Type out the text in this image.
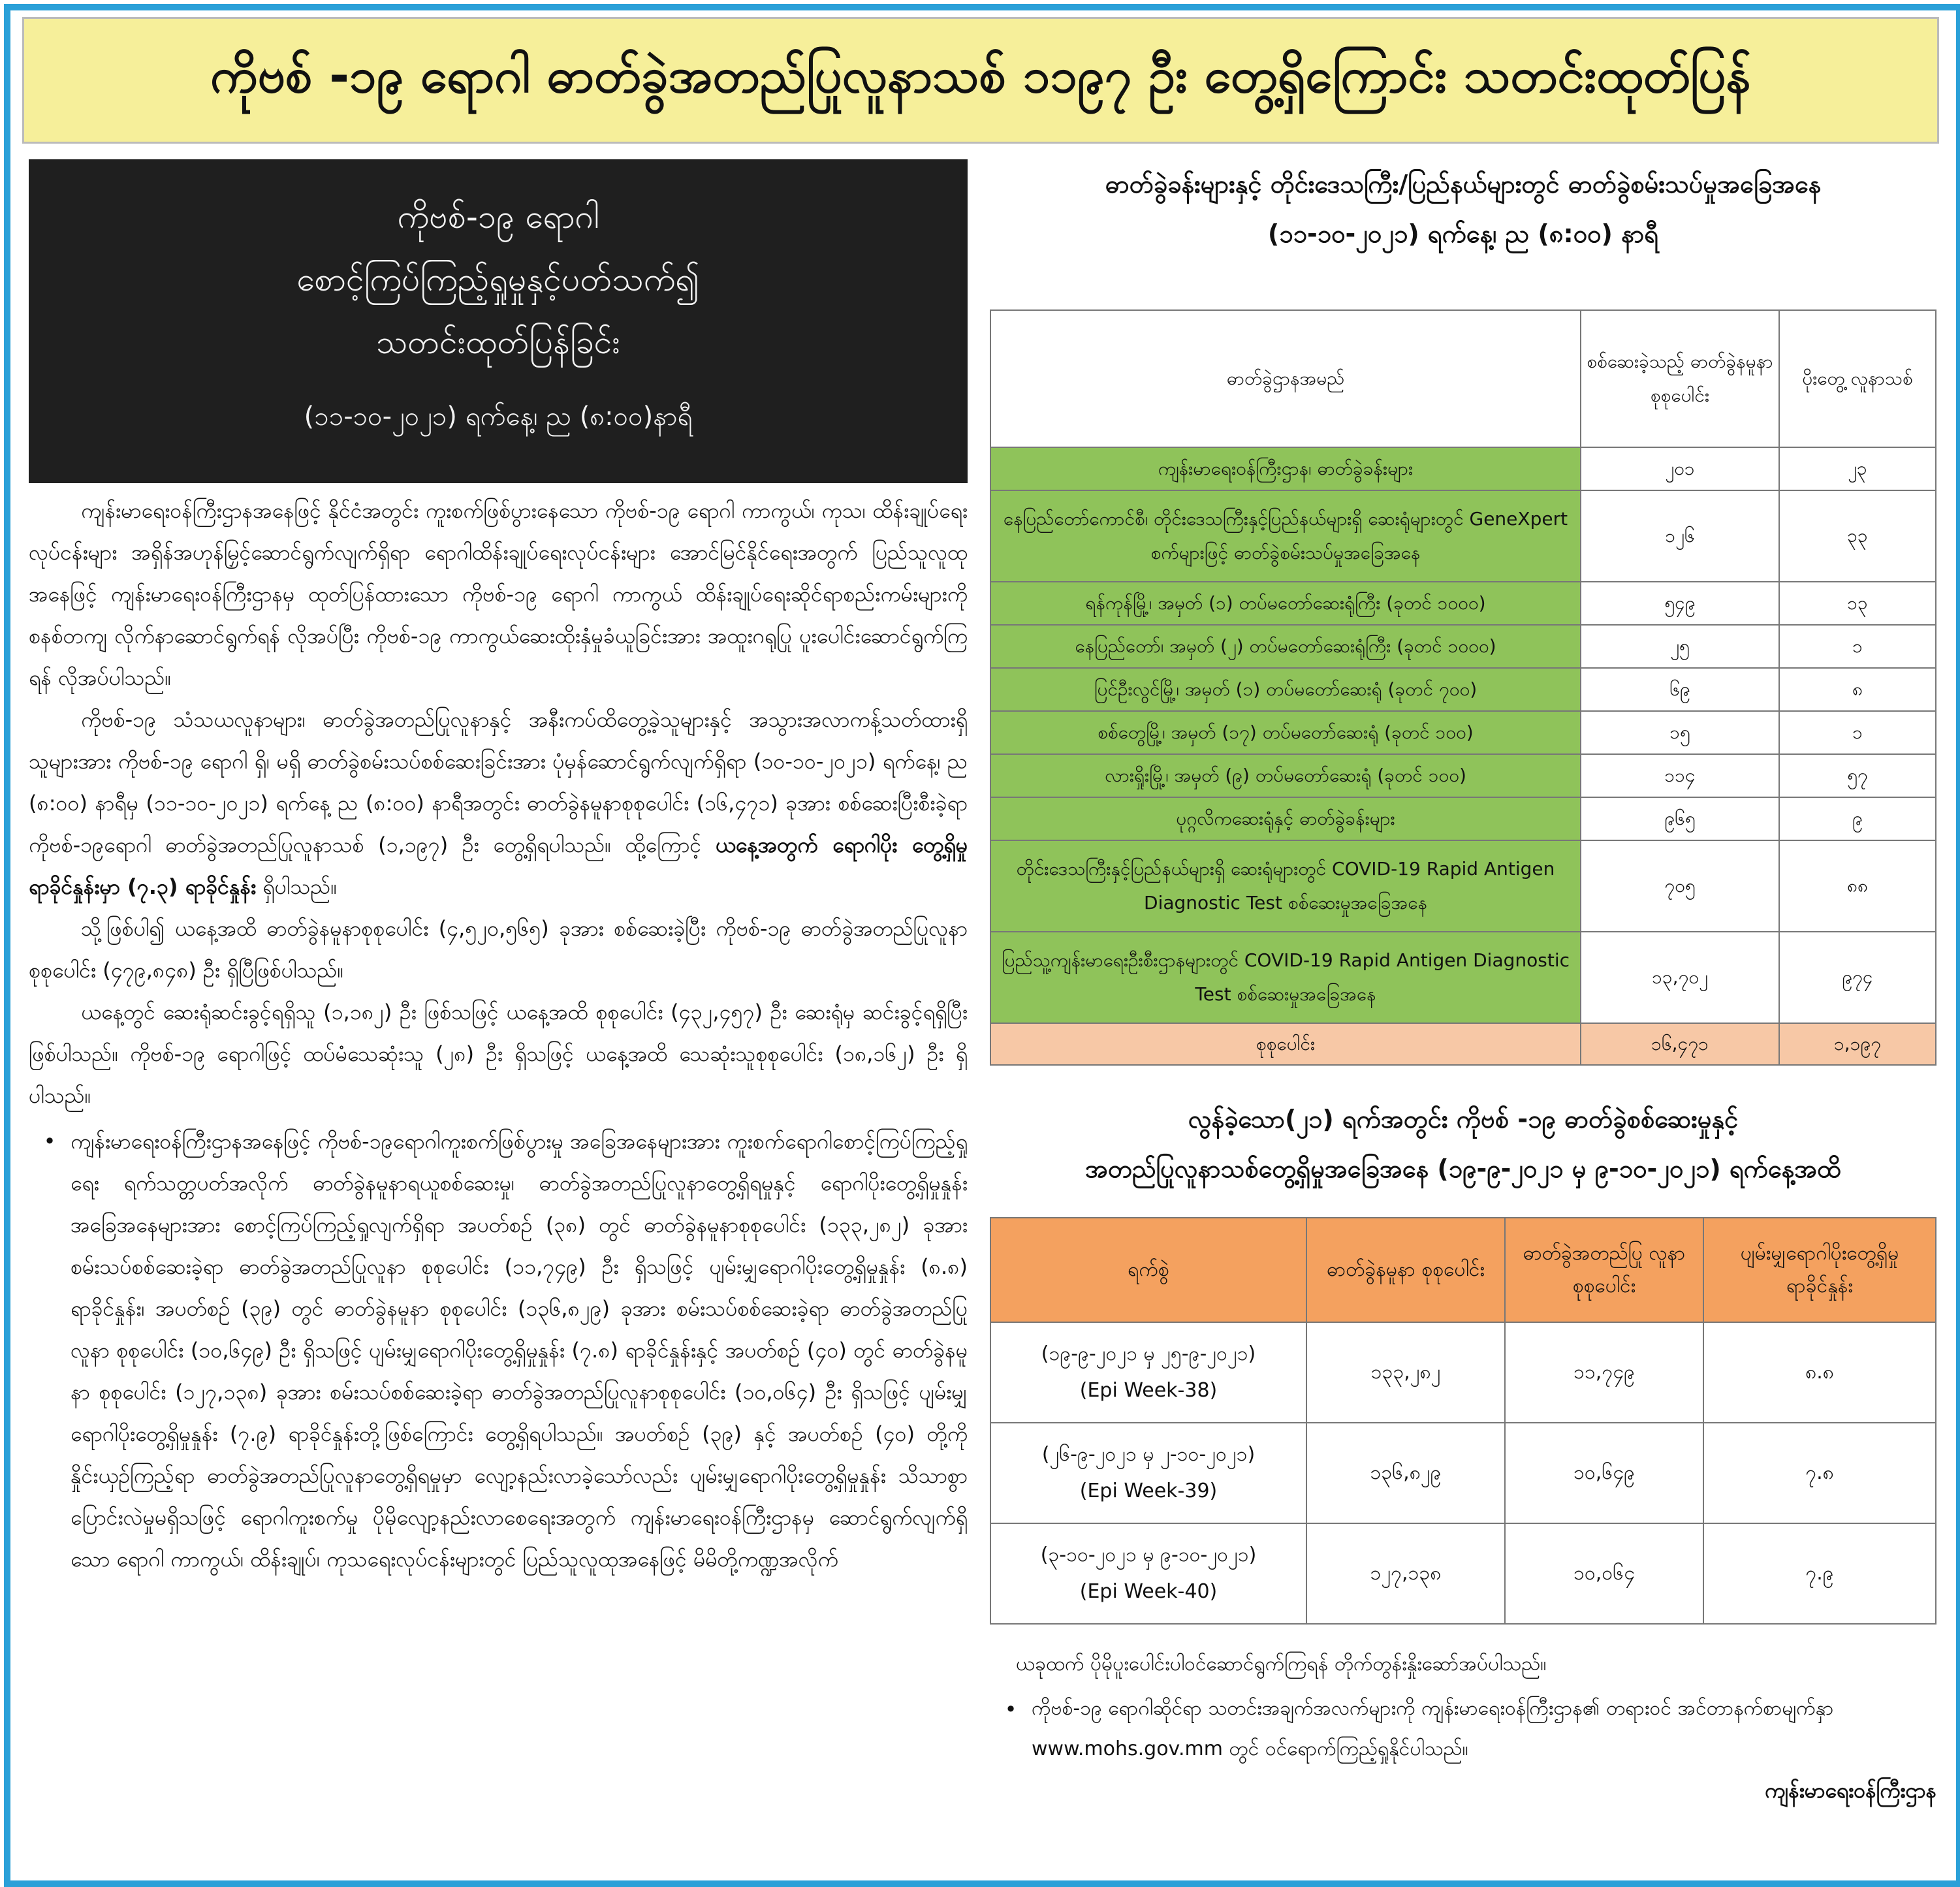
ကိုဗစ် -၁၉ ရောဂါ ဓာတ်ခွဲအတည်ပြုလူနာသစ် ၁၁၉၇ ဦး တွေ့ရှိကြောင်း သတင်းထုတ်ပြန်
ကိုဗစ်-၁၉ ရောဂါ
စောင့်ကြပ်ကြည့်ရှုမှုနှင့်ပတ်သက်၍
သတင်းထုတ်ပြန်ခြင်း
(၁၁-၁၀-၂၀၂၁) ရက်နေ့၊ ည (၈:၀၀)နာရီ

ကျန်းမာရေးဝန်ကြီးဌာနအနေဖြင့် နိုင်ငံအတွင်း ကူးစက်ဖြစ်ပွားနေသော ကိုဗစ်-၁၉ ရောဂါ ကာကွယ်၊ ကုသ၊ ထိန်းချုပ်ရေးလုပ်ငန်းများ အရှိန်အဟုန်မြှင့်ဆောင်ရွက်လျက်ရှိရာ ရောဂါထိန်းချုပ်ရေးလုပ်ငန်းများ အောင်မြင်နိုင်ရေးအတွက် ပြည်သူလူထုအနေဖြင့် ကျန်းမာရေးဝန်ကြီးဌာနမှ ထုတ်ပြန်ထားသော ကိုဗစ်-၁၉ ရောဂါ ကာကွယ် ထိန်းချုပ်ရေးဆိုင်ရာစည်းကမ်းများကို စနစ်တကျ လိုက်နာဆောင်ရွက်ရန် လိုအပ်ပြီး ကိုဗစ်-၁၉ ကာကွယ်ဆေးထိုးနှံမှုခံယူခြင်းအား အထူးဂရုပြု ပူးပေါင်းဆောင်ရွက်ကြရန် လိုအပ်ပါသည်။

ကိုဗစ်-၁၉ သံသယလူနာများ၊ ဓာတ်ခွဲအတည်ပြုလူနာနှင့် အနီးကပ်ထိတွေ့ခဲ့သူများနှင့် အသွားအလာကန့်သတ်ထားရှိသူများအား ကိုဗစ်-၁၉ ရောဂါ ရှိ၊ မရှိ ဓာတ်ခွဲစမ်းသပ်စစ်ဆေးခြင်းအား ပုံမှန်ဆောင်ရွက်လျက်ရှိရာ (၁၀-၁၀-၂၀၂၁) ရက်နေ့၊ ည (၈:၀၀) နာရီမှ (၁၁-၁၀-၂၀၂၁) ရက်နေ့ ည (၈:၀၀) နာရီအတွင်း ဓာတ်ခွဲနမူနာစုစုပေါင်း (၁၆,၄၇၁) ခုအား စစ်ဆေးပြီးစီးခဲ့ရာ ကိုဗစ်-၁၉ရောဂါ ဓာတ်ခွဲအတည်ပြုလူနာသစ် (၁,၁၉၇) ဦး တွေ့ရှိရပါသည်။ ထို့ကြောင့် ယနေ့အတွက် ရောဂါပိုး တွေ့ရှိမှုရာခိုင်နှုန်းမှာ (၇.၃) ရာခိုင်နှုန်း ရှိပါသည်။

သို့ဖြစ်ပါ၍ ယနေ့အထိ ဓာတ်ခွဲနမူနာစုစုပေါင်း (၄,၅၂၀,၅၆၅) ခုအား စစ်ဆေးခဲ့ပြီး ကိုဗစ်-၁၉ ဓာတ်ခွဲအတည်ပြုလူနာ စုစုပေါင်း (၄၇၉,၈၄၈) ဦး ရှိပြီဖြစ်ပါသည်။

ယနေ့တွင် ဆေးရုံဆင်းခွင့်ရရှိသူ (၁,၁၈၂) ဦး ဖြစ်သဖြင့် ယနေ့အထိ စုစုပေါင်း (၄၃၂,၄၅၇) ဦး ဆေးရုံမှ ဆင်းခွင့်ရရှိပြီး ဖြစ်ပါသည်။ ကိုဗစ်-၁၉ ရောဂါဖြင့် ထပ်မံသေဆုံးသူ (၂၈) ဦး ရှိသဖြင့် ယနေ့အထိ သေဆုံးသူစုစုပေါင်း (၁၈,၁၆၂) ဦး ရှိပါသည်။

• ကျန်းမာရေးဝန်ကြီးဌာနအနေဖြင့် ကိုဗစ်-၁၉ရောဂါကူးစက်ဖြစ်ပွားမှု အခြေအနေများအား ကူးစက်ရောဂါစောင့်ကြပ်ကြည့်ရှုရေး ရက်သတ္တပတ်အလိုက် ဓာတ်ခွဲနမူနာရယူစစ်ဆေးမှု၊ ဓာတ်ခွဲအတည်ပြုလူနာတွေ့ရှိရမှုနှင့် ရောဂါပိုးတွေ့ရှိမှုနှုန်း အခြေအနေများအား စောင့်ကြပ်ကြည့်ရှုလျက်ရှိရာ အပတ်စဉ် (၃၈) တွင် ဓာတ်ခွဲနမူနာစုစုပေါင်း (၁၃၃,၂၈၂) ခုအား စမ်းသပ်စစ်ဆေးခဲ့ရာ ဓာတ်ခွဲအတည်ပြုလူနာ စုစုပေါင်း (၁၁,၇၄၉) ဦး ရှိသဖြင့် ပျမ်းမျှရောဂါပိုးတွေ့ရှိမှုနှုန်း (၈.၈) ရာခိုင်နှုန်း၊ အပတ်စဉ် (၃၉) တွင် ဓာတ်ခွဲနမူနာ စုစုပေါင်း (၁၃၆,၈၂၉) ခုအား စမ်းသပ်စစ်ဆေးခဲ့ရာ ဓာတ်ခွဲအတည်ပြုလူနာ စုစုပေါင်း (၁၀,၆၄၉) ဦး ရှိသဖြင့် ပျမ်းမျှရောဂါပိုးတွေ့ရှိမှုနှုန်း (၇.၈) ရာခိုင်နှုန်းနှင့် အပတ်စဉ် (၄၀) တွင် ဓာတ်ခွဲနမူနာ စုစုပေါင်း (၁၂၇,၁၃၈) ခုအား စမ်းသပ်စစ်ဆေးခဲ့ရာ ဓာတ်ခွဲအတည်ပြုလူနာစုစုပေါင်း (၁၀,၀၆၄) ဦး ရှိသဖြင့် ပျမ်းမျှရောဂါပိုးတွေ့ရှိမှုနှုန်း (၇.၉) ရာခိုင်နှုန်းတို့ဖြစ်ကြောင်း တွေ့ရှိရပါသည်။ အပတ်စဉ် (၃၉) နှင့် အပတ်စဉ် (၄၀) တို့ကို နှိုင်းယှဉ်ကြည့်ရာ ဓာတ်ခွဲအတည်ပြုလူနာတွေ့ရှိရမှုမှာ လျော့နည်းလာခဲ့သော်လည်း ပျမ်းမျှရောဂါပိုးတွေ့ရှိမှုနှုန်း သိသာစွာပြောင်းလဲမှုမရှိသဖြင့် ရောဂါကူးစက်မှု ပိုမိုလျော့နည်းလာစေရေးအတွက် ကျန်းမာရေးဝန်ကြီးဌာနမှ ဆောင်ရွက်လျက်ရှိသော ရောဂါ ကာကွယ်၊ ထိန်းချုပ်၊ ကုသရေးလုပ်ငန်းများတွင် ပြည်သူလူထုအနေဖြင့် မိမိတို့ကဏ္ဍအလိုက်
ဓာတ်ခွဲခန်းများနှင့် တိုင်းဒေသကြီး/ပြည်နယ်များတွင် ဓာတ်ခွဲစမ်းသပ်မှုအခြေအနေ
(၁၁-၁၀-၂၀၂၁) ရက်နေ့၊ ည (၈:၀၀) နာရီ
ဓာတ်ခွဲဌာနအမည်	စစ်ဆေးခဲ့သည့် ဓာတ်ခွဲနမူနာ စုစုပေါင်း	ပိုးတွေ့ လူနာသစ်
ကျန်းမာရေးဝန်ကြီးဌာန၊ ဓာတ်ခွဲခန်းများ	၂၀၁	၂၃
နေပြည်တော်ကောင်စီ၊ တိုင်းဒေသကြီးနှင့်ပြည်နယ်များရှိ ဆေးရုံများတွင် GeneXpert စက်များဖြင့် ဓာတ်ခွဲစမ်းသပ်မှုအခြေအနေ	၁၂၆	၃၃
ရန်ကုန်မြို့၊ အမှတ် (၁) တပ်မတော်ဆေးရုံကြီး (ခုတင် ၁၀၀၀)	၅၄၉	၁၃
နေပြည်တော်၊ အမှတ် (၂) တပ်မတော်ဆေးရုံကြီး (ခုတင် ၁၀၀၀)	၂၅	၁
ပြင်ဦးလွင်မြို့၊ အမှတ် (၁) တပ်မတော်ဆေးရုံ (ခုတင် ၇၀၀)	၆၉	၈
စစ်တွေမြို့၊ အမှတ် (၁၇) တပ်မတော်ဆေးရုံ (ခုတင် ၁၀၀)	၁၅	၁
လားရှိုးမြို့၊ အမှတ် (၉) တပ်မတော်ဆေးရုံ (ခုတင် ၁၀၀)	၁၁၄	၅၇
ပုဂ္ဂလိကဆေးရုံနှင့် ဓာတ်ခွဲခန်းများ	၉၆၅	၉
တိုင်းဒေသကြီးနှင့်ပြည်နယ်များရှိ ဆေးရုံများတွင် COVID-19 Rapid Antigen Diagnostic Test စစ်ဆေးမှုအခြေအနေ	၇၀၅	၈၈
ပြည်သူ့ကျန်းမာရေးဦးစီးဌာနများတွင် COVID-19 Rapid Antigen Diagnostic Test စစ်ဆေးမှုအခြေအနေ	၁၃,၇၀၂	၉၇၄
စုစုပေါင်း	၁၆,၄၇၁	၁,၁၉၇
လွန်ခဲ့သော(၂၁) ရက်အတွင်း ကိုဗစ် -၁၉ ဓာတ်ခွဲစစ်ဆေးမှုနှင့်
အတည်ပြုလူနာသစ်တွေ့ရှိမှုအခြေအနေ (၁၉-၉-၂၀၂၁ မှ ၉-၁၀-၂၀၂၁) ရက်နေ့အထိ
ရက်စွဲ	ဓာတ်ခွဲနမူနာ စုစုပေါင်း	ဓာတ်ခွဲအတည်ပြု လူနာစုစုပေါင်း	ပျမ်းမျှရောဂါပိုးတွေ့ရှိမှု ရာခိုင်နှုန်း

(၁၉-၉-၂၀၂၁ မှ ၂၅-၉-၂၀၂၁)
(Epi Week-38)	၁၃၃,၂၈၂	၁၁,၇၄၉	၈.၈

(၂၆-၉-၂၀၂၁ မှ ၂-၁၀-၂၀၂၁)
(Epi Week-39)	၁၃၆,၈၂၉	၁၀,၆၄၉	၇.၈

(၃-၁၀-၂၀၂၁ မှ ၉-၁၀-၂၀၂၁)
(Epi Week-40)	၁၂၇,၁၃၈	၁၀,၀၆၄	၇.၉
ယခုထက် ပိုမိုပူးပေါင်းပါဝင်ဆောင်ရွက်ကြရန် တိုက်တွန်းနှိုးဆော်အပ်ပါသည်။
• ကိုဗစ်-၁၉ ရောဂါဆိုင်ရာ သတင်းအချက်အလက်များကို ကျန်းမာရေးဝန်ကြီးဌာန၏ တရားဝင် အင်တာနက်စာမျက်နှာ www.mohs.gov.mm တွင် ဝင်ရောက်ကြည့်ရှုနိုင်ပါသည်။
ကျန်းမာရေးဝန်ကြီးဌာန
